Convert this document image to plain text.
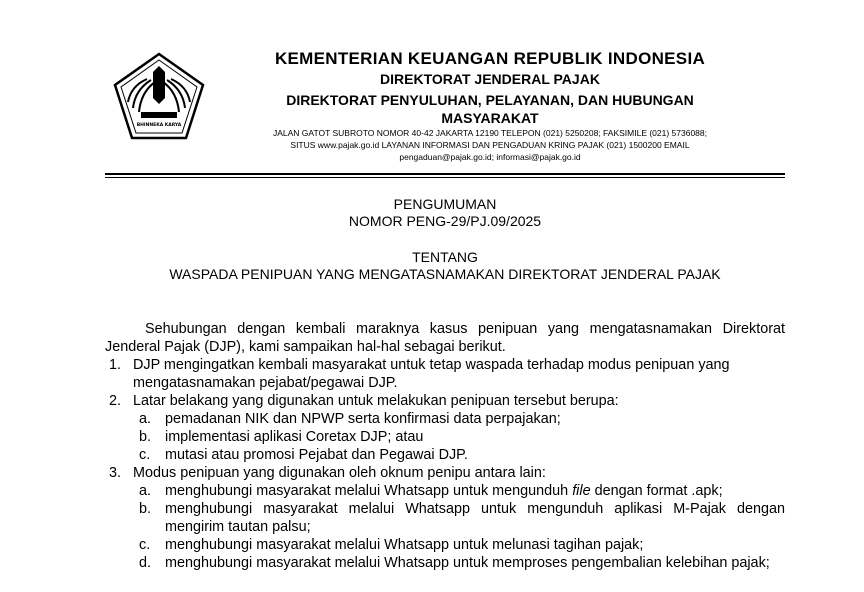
BHINNEKA KARYA
KEMENTERIAN KEUANGAN REPUBLIK INDONESIA
DIREKTORAT JENDERAL PAJAK
DIREKTORAT PENYULUHAN, PELAYANAN, DAN HUBUNGAN
MASYARAKAT
JALAN GATOT SUBROTO NOMOR 40-42 JAKARTA 12190 TELEPON (021) 5250208; FAKSIMILE (021) 5736088;
SITUS www.pajak.go.id LAYANAN INFORMASI DAN PENGADUAN KRING PAJAK (021) 1500200 EMAIL
pengaduan@pajak.go.id; informasi@pajak.go.id
PENGUMUMAN
NOMOR PENG-29/PJ.09/2025
TENTANG
WASPADA PENIPUAN YANG MENGATASNAMAKAN DIREKTORAT JENDERAL PAJAK
Sehubungan dengan kembali maraknya kasus penipuan yang mengatasnamakan Direktorat Jenderal Pajak (DJP), kami sampaikan hal-hal sebagai berikut.
1. DJP mengingatkan kembali masyarakat untuk tetap waspada terhadap modus penipuan yang mengatasnamakan pejabat/pegawai DJP.
2. Latar belakang yang digunakan untuk melakukan penipuan tersebut berupa:
a. pemadanan NIK dan NPWP serta konfirmasi data perpajakan;
b. implementasi aplikasi Coretax DJP; atau
c.	mutasi atau promosi Pejabat dan Pegawai DJP.
3. Modus penipuan yang digunakan oleh oknum penipu antara lain:
a. menghubungi masyarakat melalui Whatsapp untuk mengunduh file dengan format .apk;
b. menghubungi masyarakat melalui Whatsapp untuk mengunduh aplikasi M-Pajak dengan mengirim tautan palsu;
c.	menghubungi masyarakat melalui Whatsapp untuk melunasi tagihan pajak;
d. menghubungi masyarakat melalui Whatsapp untuk memproses pengembalian kelebihan pajak;
